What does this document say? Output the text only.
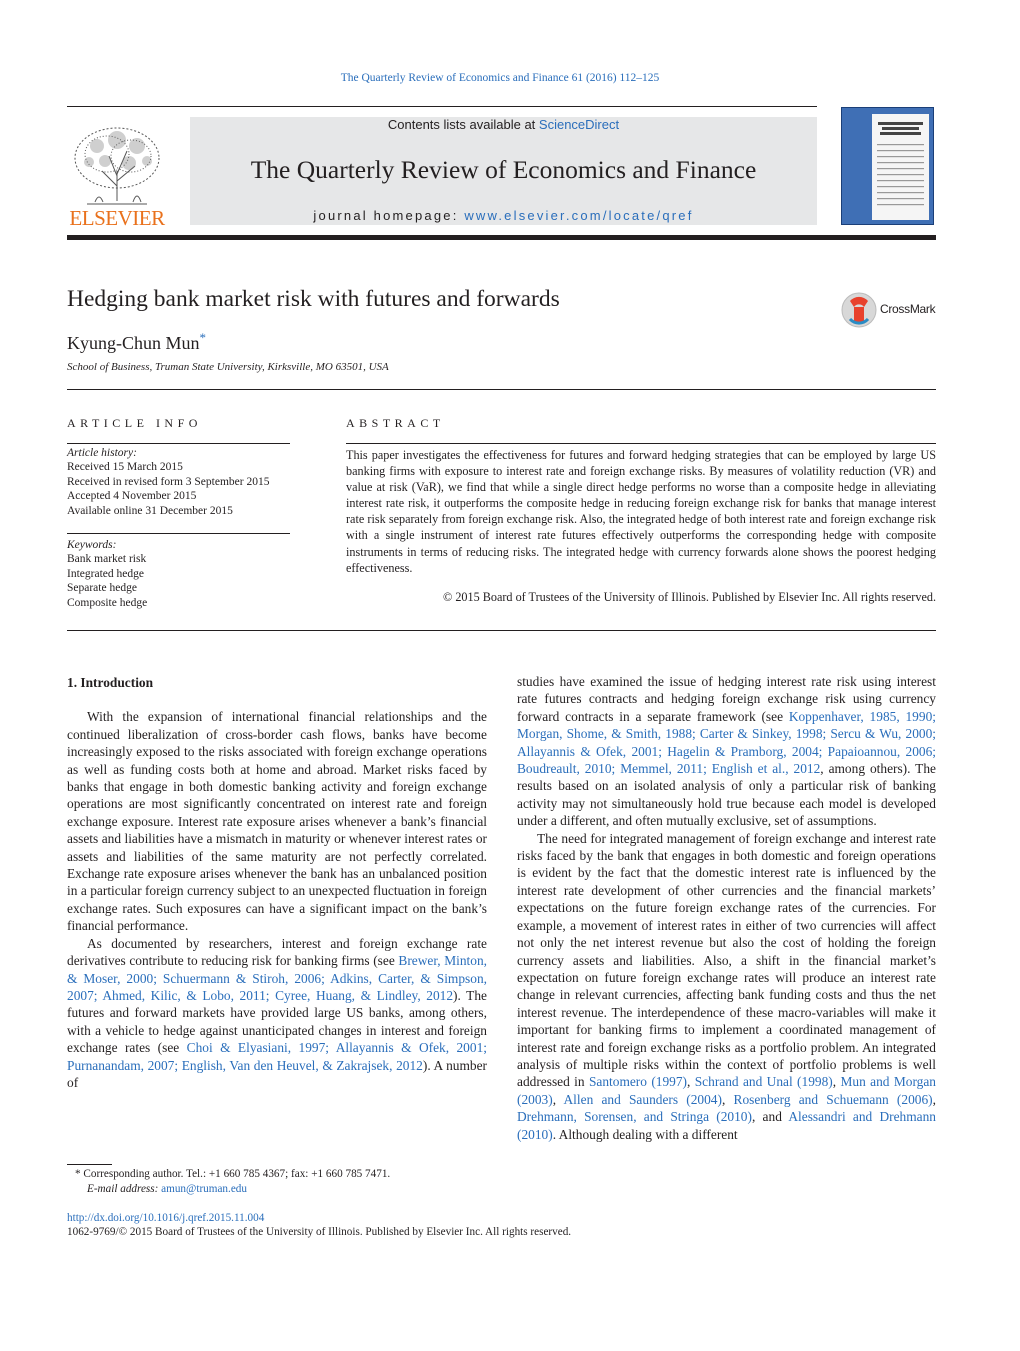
The Quarterly Review of Economics and Finance 61 (2016) 112–125
ELSEVIER
Contents lists available at ScienceDirect
The Quarterly Review of Economics and Finance
journal homepage: www.elsevier.com/locate/qref
Hedging bank market risk with futures and forwards	CrossMark
Kyung-Chun Mun*
School of Business, Truman State University, Kirksville, MO 63501, USA
ARTICLE INFO
Article history:
Received 15 March 2015
Received in revised form 3 September 2015
Accepted 4 November 2015
Available online 31 December 2015
Keywords:
Bank market risk
Integrated hedge
Separate hedge
Composite hedge
ABSTRACT
This paper investigates the effectiveness for futures and forward hedging strategies that can be employed by large US banking firms with exposure to interest rate and foreign exchange risks. By measures of volatility reduction (VR) and value at risk (VaR), we find that while a single direct hedge performs no worse than a composite hedge in alleviating interest rate risk, it outperforms the composite hedge in reducing foreign exchange risk for banks that manage interest rate risk separately from foreign exchange risk. Also, the integrated hedge of both interest rate and foreign exchange risk with a single instrument of interest rate futures effectively outperforms the corresponding hedge with composite instruments in terms of reducing risks. The integrated hedge with currency forwards alone shows the poorest hedging effectiveness.
© 2015 Board of Trustees of the University of Illinois. Published by Elsevier Inc. All rights reserved.

1. Introduction

With the expansion of international financial relationships and the continued liberalization of cross-border cash flows, banks have become increasingly exposed to the risks associated with foreign exchange operations as well as funding costs both at home and abroad. Market risks faced by banks that engage in both domestic banking activity and foreign exchange operations are most significantly concentrated on interest rate and foreign exchange exposure. Interest rate exposure arises whenever a bank’s financial assets and liabilities have a mismatch in maturity or whenever interest rates or assets and liabilities of the same maturity are not perfectly correlated. Exchange rate exposure arises whenever the bank has an unbalanced position in a particular foreign currency subject to an unexpected fluctuation in foreign exchange rates. Such exposures can have a significant impact on the bank’s financial performance.

As documented by researchers, interest and foreign exchange rate derivatives contribute to reducing risk for banking firms (see Brewer, Minton, & Moser, 2000; Schuermann & Stiroh, 2006; Adkins, Carter, & Simpson, 2007; Ahmed, Kilic, & Lobo, 2011; Cyree, Huang, & Lindley, 2012). The futures and forward markets have provided large US banks, among others, with a vehicle to hedge against unanticipated changes in interest and foreign exchange rates (see Choi & Elyasiani, 1997; Allayannis & Ofek, 2001; Purnanandam, 2007; English, Van den Heuvel, & Zakrajsek, 2012). A number of

studies have examined the issue of hedging interest rate risk using interest rate futures contracts and hedging foreign exchange risk using currency forward contracts in a separate framework (see Koppenhaver, 1985, 1990; Morgan, Shome, & Smith, 1988; Carter & Sinkey, 1998; Sercu & Wu, 2000; Allayannis & Ofek, 2001; Hagelin & Pramborg, 2004; Papaioannou, 2006; Boudreault, 2010; Memmel, 2011; English et al., 2012, among others). The results based on an isolated analysis of only a particular risk of banking activity may not simultaneously hold true because each model is developed under a different, and often mutually exclusive, set of assumptions.

The need for integrated management of foreign exchange and interest rate risks faced by the bank that engages in both domestic and foreign operations is evident by the fact that the domestic interest rate is influenced by the interest rate development of other currencies and the financial markets’ expectations on the future foreign exchange rates of the currencies. For example, a movement of interest rates in either of two currencies will affect not only the net interest revenue but also the cost of holding the foreign currency assets and liabilities. Also, a shift in the financial market’s expectation on future foreign exchange rates will produce an interest rate change in relevant currencies, affecting bank funding costs and thus the net interest revenue. The interdependence of these macro-variables will make it important for banking firms to implement a coordinated management of interest rate and foreign exchange risks as a portfolio problem. An integrated analysis of multiple risks within the context of portfolio problems is well addressed in Santomero (1997), Schrand and Unal (1998), Mun and Morgan (2003), Allen and Saunders (2004), Rosenberg and Schuemann (2006), Drehmann, Sorensen, and Stringa (2010), and Alessandri and Drehmann (2010). Although dealing with a different

* Corresponding author. Tel.: +1 660 785 4367; fax: +1 660 785 7471.
E-mail address: amun@truman.edu
http://dx.doi.org/10.1016/j.qref.2015.11.004
1062-9769/© 2015 Board of Trustees of the University of Illinois. Published by Elsevier Inc. All rights reserved.
